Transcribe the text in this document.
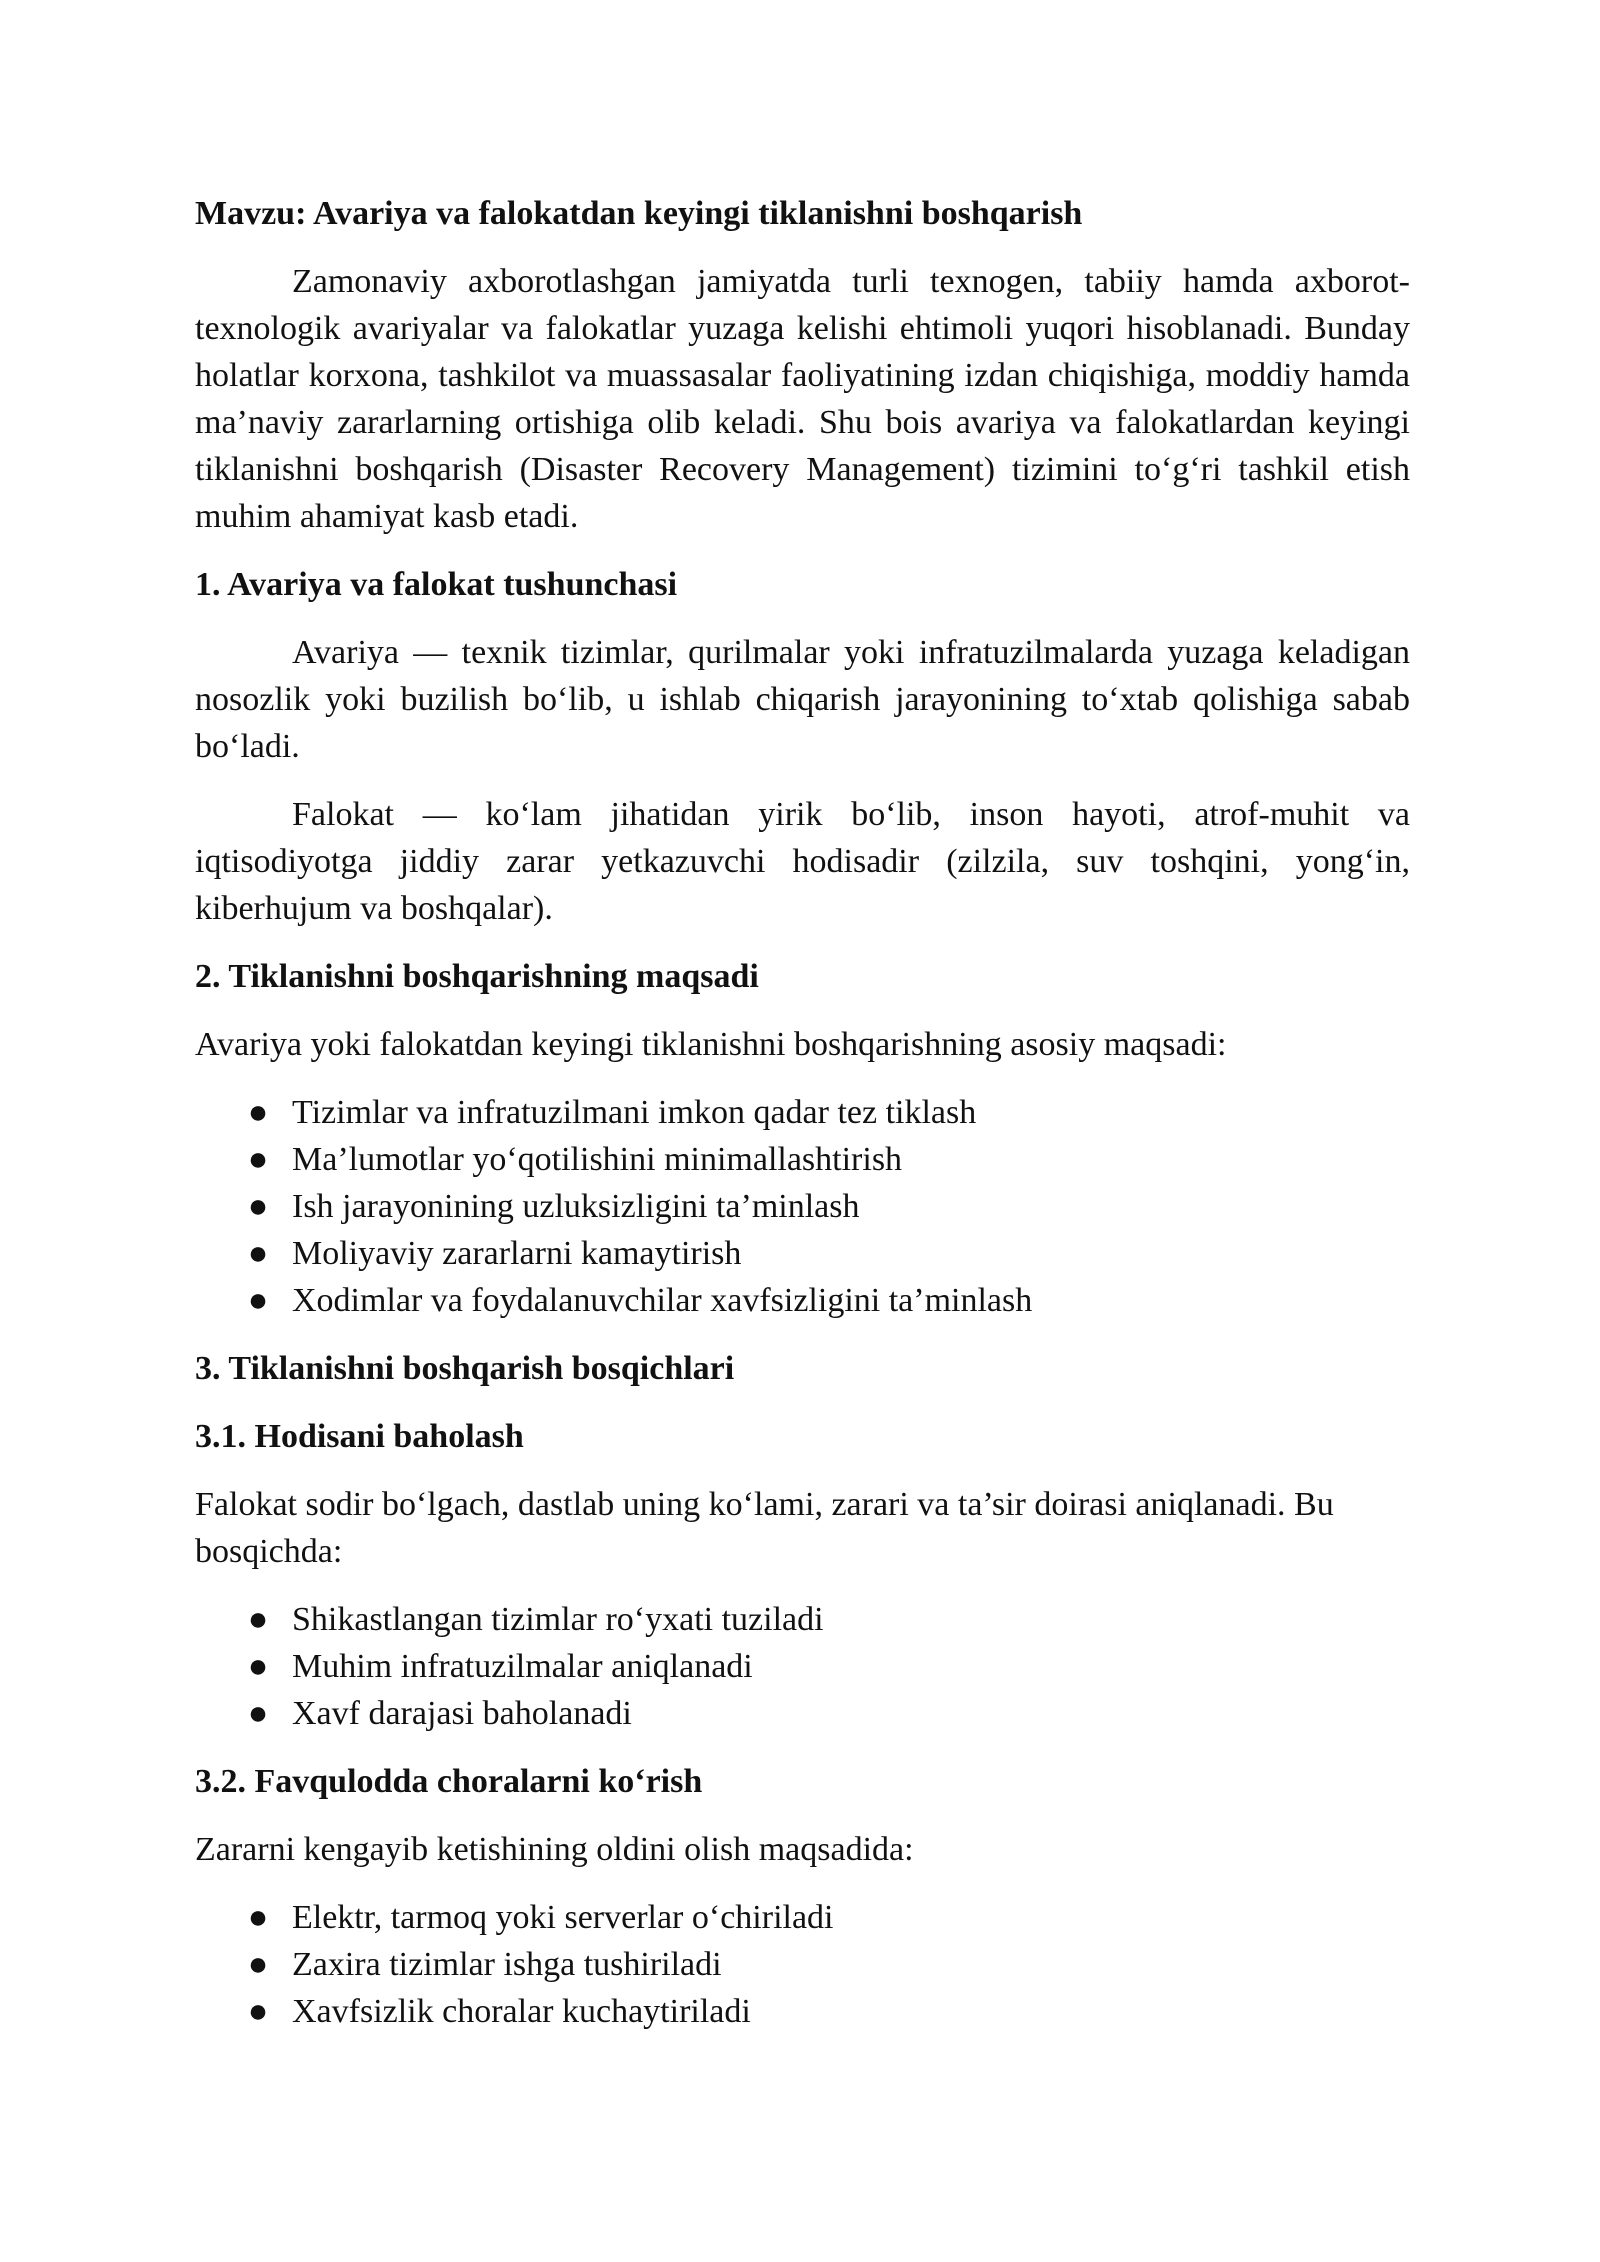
Mavzu: Avariya va falokatdan keyingi tiklanishni boshqarish

Zamonaviy axborotlashgan jamiyatda turli texnogen, tabiiy hamda axborot-texnologik avariyalar va falokatlar yuzaga kelishi ehtimoli yuqori hisoblanadi. Bunday holatlar korxona, tashkilot va muassasalar faoliyatining izdan chiqishiga, moddiy hamda ma’naviy zararlarning ortishiga olib keladi. Shu bois avariya va falokatlardan keyingi tiklanishni boshqarish (Disaster Recovery Management) tizimini to‘g‘ri tashkil etish muhim ahamiyat kasb etadi.

1. Avariya va falokat tushunchasi

Avariya — texnik tizimlar, qurilmalar yoki infratuzilmalarda yuzaga keladigan nosozlik yoki buzilish bo‘lib, u ishlab chiqarish jarayonining to‘xtab qolishiga sabab bo‘ladi.

Falokat — ko‘lam jihatidan yirik bo‘lib, inson hayoti, atrof-muhit va iqtisodiyotga jiddiy zarar yetkazuvchi hodisadir (zilzila, suv toshqini, yong‘in, kiberhujum va boshqalar).

2. Tiklanishni boshqarishning maqsadi

Avariya yoki falokatdan keyingi tiklanishni boshqarishning asosiy maqsadi:

● Tizimlar va infratuzilmani imkon qadar tez tiklash
● Ma’lumotlar yo‘qotilishini minimallashtirish
● Ish jarayonining uzluksizligini ta’minlash
● Moliyaviy zararlarni kamaytirish
● Xodimlar va foydalanuvchilar xavfsizligini ta’minlash
3. Tiklanishni boshqarish bosqichlari
3.1. Hodisani baholash

Falokat sodir bo‘lgach, dastlab uning ko‘lami, zarari va ta’sir doirasi aniqlanadi. Bu bosqichda:

● Shikastlangan tizimlar ro‘yxati tuziladi
● Muhim infratuzilmalar aniqlanadi
● Xavf darajasi baholanadi
3.2. Favqulodda choralarni ko‘rish

Zararni kengayib ketishining oldini olish maqsadida:

● Elektr, tarmoq yoki serverlar o‘chiriladi
● Zaxira tizimlar ishga tushiriladi
● Xavfsizlik choralar kuchaytiriladi
